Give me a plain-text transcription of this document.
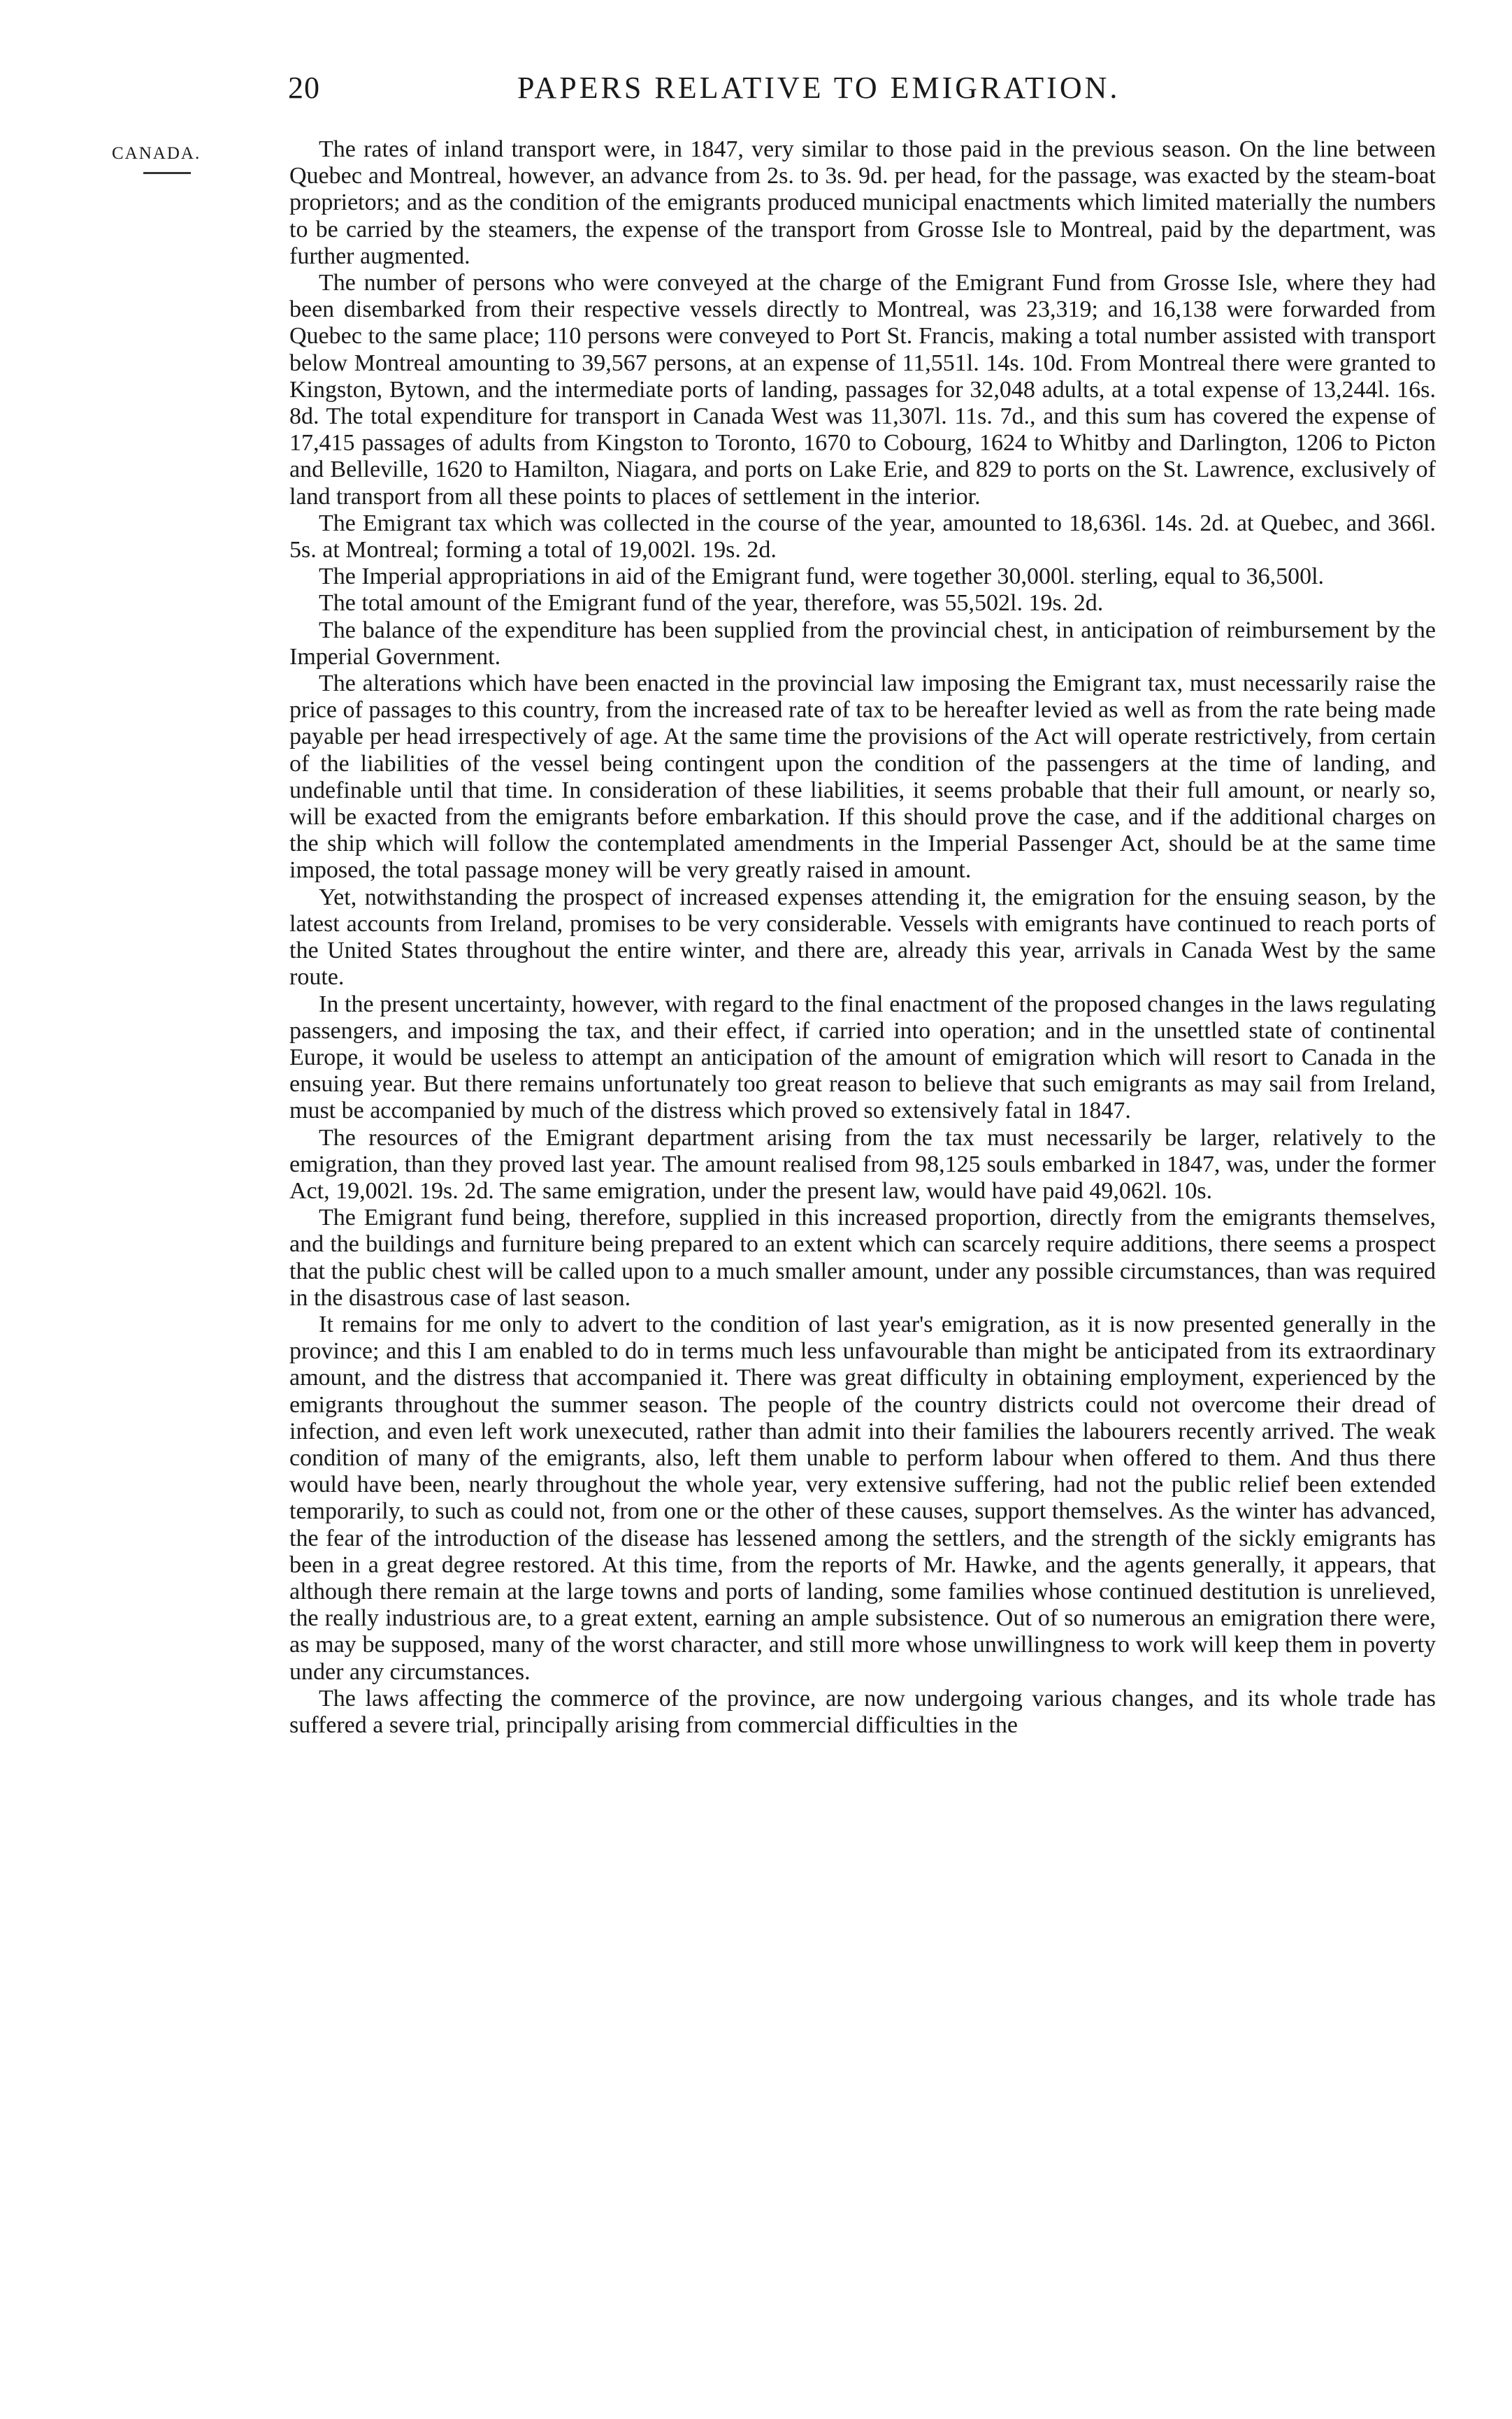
20	PAPERS RELATIVE TO EMIGRATION.
CANADA.	The rates of inland transport were, in 1847, very similar to those paid in the previous season. On the line between Quebec and Montreal, however, an advance from 2s. to 3s. 9d. per head, for the passage, was exacted by the steam-boat proprietors; and as the condition of the emigrants produced municipal enactments which limited materially the numbers to be carried by the steamers, the expense of the transport from Grosse Isle to Montreal, paid by the department, was further augmented.

The number of persons who were conveyed at the charge of the Emigrant Fund from Grosse Isle, where they had been disembarked from their respective vessels directly to Montreal, was 23,319; and 16,138 were forwarded from Quebec to the same place; 110 persons were conveyed to Port St. Francis, making a total number assisted with transport below Montreal amounting to 39,567 persons, at an expense of 11,551l. 14s. 10d. From Montreal there were granted to Kingston, Bytown, and the intermediate ports of landing, passages for 32,048 adults, at a total expense of 13,244l. 16s. 8d. The total expenditure for transport in Canada West was 11,307l. 11s. 7d., and this sum has covered the expense of 17,415 passages of adults from Kingston to Toronto, 1670 to Cobourg, 1624 to Whitby and Darlington, 1206 to Picton and Belleville, 1620 to Hamilton, Niagara, and ports on Lake Erie, and 829 to ports on the St. Lawrence, exclusively of land transport from all these points to places of settlement in the interior.

The Emigrant tax which was collected in the course of the year, amounted to 18,636l. 14s. 2d. at Quebec, and 366l. 5s. at Montreal; forming a total of 19,002l. 19s. 2d.

The Imperial appropriations in aid of the Emigrant fund, were together 30,000l. sterling, equal to 36,500l.

The total amount of the Emigrant fund of the year, therefore, was 55,502l. 19s. 2d.

The balance of the expenditure has been supplied from the provincial chest, in anticipation of reimbursement by the Imperial Government.

The alterations which have been enacted in the provincial law imposing the Emigrant tax, must necessarily raise the price of passages to this country, from the increased rate of tax to be hereafter levied as well as from the rate being made payable per head irrespectively of age. At the same time the provisions of the Act will operate restrictively, from certain of the liabilities of the vessel being contingent upon the condition of the passengers at the time of landing, and undefinable until that time. In consideration of these liabilities, it seems probable that their full amount, or nearly so, will be exacted from the emigrants before embarkation. If this should prove the case, and if the additional charges on the ship which will follow the contemplated amendments in the Imperial Passenger Act, should be at the same time imposed, the total passage money will be very greatly raised in amount.

Yet, notwithstanding the prospect of increased expenses attending it, the emigration for the ensuing season, by the latest accounts from Ireland, promises to be very considerable. Vessels with emigrants have continued to reach ports of the United States throughout the entire winter, and there are, already this year, arrivals in Canada West by the same route.

In the present uncertainty, however, with regard to the final enactment of the proposed changes in the laws regulating passengers, and imposing the tax, and their effect, if carried into operation; and in the unsettled state of continental Europe, it would be useless to attempt an anticipation of the amount of emigration which will resort to Canada in the ensuing year. But there remains unfortunately too great reason to believe that such emigrants as may sail from Ireland, must be accompanied by much of the distress which proved so extensively fatal in 1847.

The resources of the Emigrant department arising from the tax must necessarily be larger, relatively to the emigration, than they proved last year. The amount realised from 98,125 souls embarked in 1847, was, under the former Act, 19,002l. 19s. 2d. The same emigration, under the present law, would have paid 49,062l. 10s.

The Emigrant fund being, therefore, supplied in this increased proportion, directly from the emigrants themselves, and the buildings and furniture being prepared to an extent which can scarcely require additions, there seems a prospect that the public chest will be called upon to a much smaller amount, under any possible circumstances, than was required in the disastrous case of last season.

It remains for me only to advert to the condition of last year's emigration, as it is now presented generally in the province; and this I am enabled to do in terms much less unfavourable than might be anticipated from its extraordinary amount, and the distress that accompanied it. There was great difficulty in obtaining employment, experienced by the emigrants throughout the summer season. The people of the country districts could not overcome their dread of infection, and even left work unexecuted, rather than admit into their families the labourers recently arrived. The weak condition of many of the emigrants, also, left them unable to perform labour when offered to them. And thus there would have been, nearly throughout the whole year, very extensive suffering, had not the public relief been extended temporarily, to such as could not, from one or the other of these causes, support themselves. As the winter has advanced, the fear of the introduction of the disease has lessened among the settlers, and the strength of the sickly emigrants has been in a great degree restored. At this time, from the reports of Mr. Hawke, and the agents generally, it appears, that although there remain at the large towns and ports of landing, some families whose continued destitution is unrelieved, the really industrious are, to a great extent, earning an ample subsistence. Out of so numerous an emigration there were, as may be supposed, many of the worst character, and still more whose unwillingness to work will keep them in poverty under any circumstances.

The laws affecting the commerce of the province, are now undergoing various changes, and its whole trade has suffered a severe trial, principally arising from commercial difficulties in the
